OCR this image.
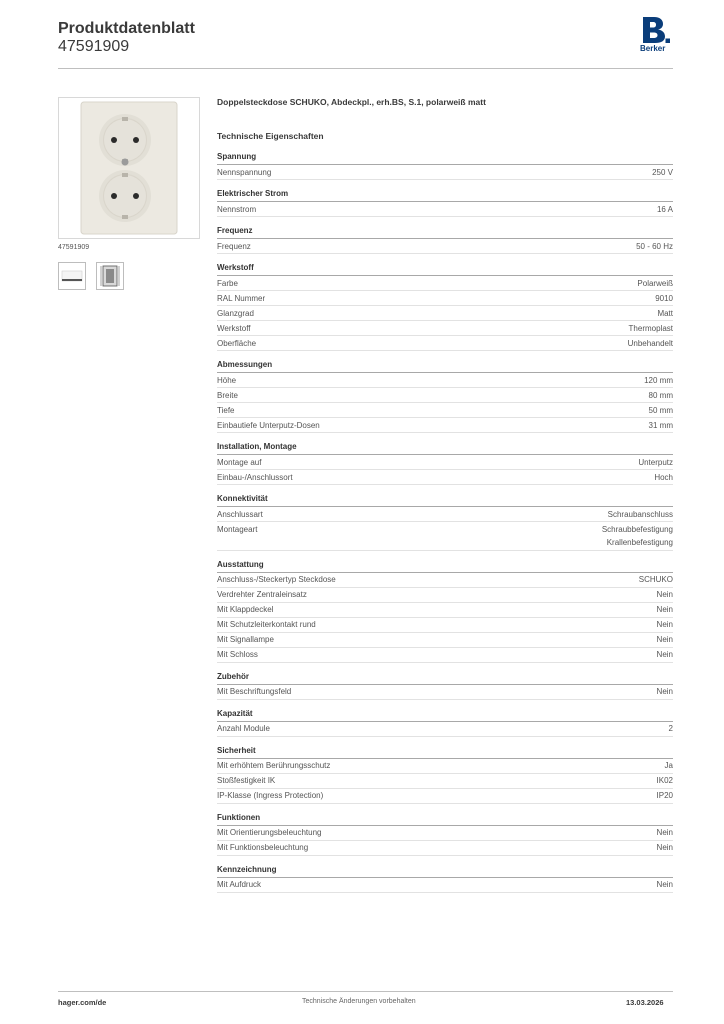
Produktdatenblatt
47591909	Berker
47591909
Doppelsteckdose SCHUKO, Abdeckpl., erh.BS, S.1, polarweiß matt
Technische Eigenschaften
Spannung
Nennspannung	250 V
Elektrischer Strom
Nennstrom	16 A
Frequenz
Frequenz	50 - 60 Hz
Werkstoff
Farbe	Polarweiß
RAL Nummer	9010
Glanzgrad	Matt
Werkstoff	Thermoplast
Oberfläche	Unbehandelt
Abmessungen
Höhe	120 mm
Breite	80 mm
Tiefe	50 mm
Einbautiefe Unterputz-Dosen	31 mm
Installation, Montage
Montage auf	Unterputz
Einbau-/Anschlussort	Hoch
Konnektivität
Anschlussart	Schraubanschluss
Montageart	Schraubbefestigung
Krallenbefestigung
Ausstattung
Anschluss-/Steckertyp Steckdose	SCHUKO
Verdrehter Zentraleinsatz	Nein
Mit Klappdeckel	Nein
Mit Schutzleiterkontakt rund	Nein
Mit Signallampe	Nein
Mit Schloss	Nein
Zubehör
Mit Beschriftungsfeld	Nein
Kapazität
Anzahl Module	2
Sicherheit
Mit erhöhtem Berührungsschutz	Ja
Stoßfestigkeit IK	IK02
IP-Klasse (Ingress Protection)	IP20
Funktionen
Mit Orientierungsbeleuchtung	Nein
Mit Funktionsbeleuchtung	Nein
Kennzeichnung
Mit Aufdruck	Nein
hager.com/de	Technische Änderungen vorbehalten	13.03.2026
